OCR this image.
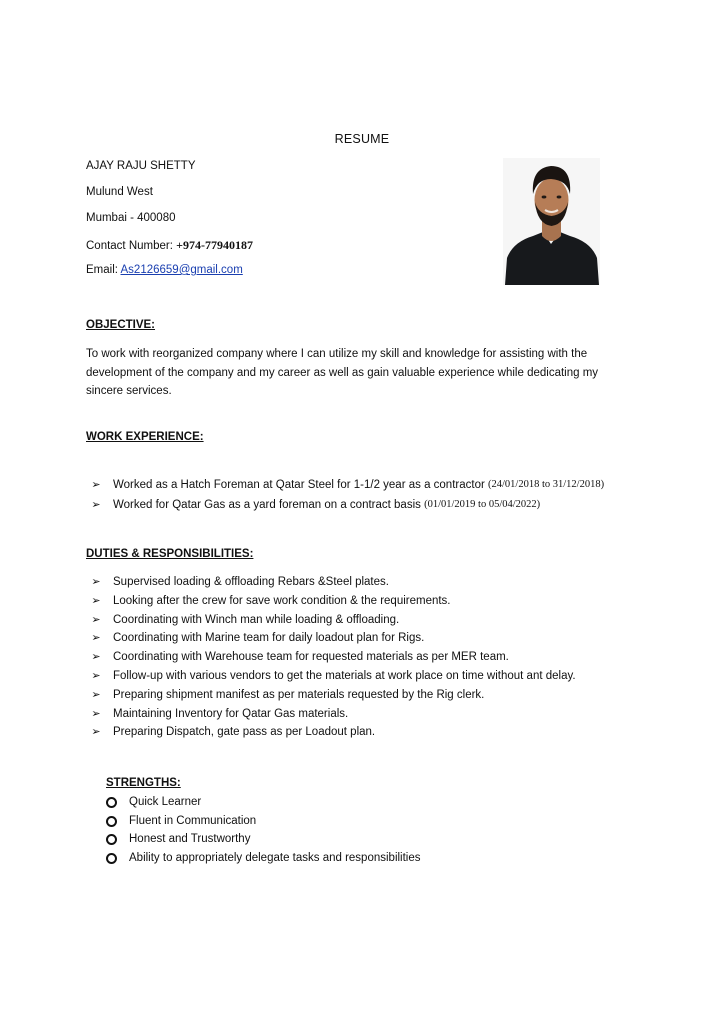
RESUME
AJAY RAJU SHETTY
Mulund West
Mumbai - 400080
Contact Number: +974-77940187
Email: As2126659@gmail.com
OBJECTIVE:
To work with reorganized company where I can utilize my skill and knowledge for assisting with the development of the company and my career as well as gain valuable experience while dedicating my sincere services.
WORK EXPERIENCE:
➢ Worked as a Hatch Foreman at Qatar Steel for 1-1/2 year as a contractor
(24/01/2018 to 31/12/2018)
➢ Worked for Qatar Gas as a yard foreman on a contract basis
(01/01/2019 to 05/04/2022)
DUTIES & RESPONSIBILITIES:
➢ Supervised loading & offloading Rebars &Steel plates.
➢ Looking after the crew for save work condition & the requirements.
➢ Coordinating with Winch man while loading & offloading.
➢ Coordinating with Marine team for daily loadout plan for Rigs.
➢ Coordinating with Warehouse team for requested materials as per MER team.
➢ Follow-up with various vendors to get the materials at work place on time without ant delay.
➢ Preparing shipment manifest as per materials requested by the Rig clerk.
➢ Maintaining Inventory for Qatar Gas materials.
➢ Preparing Dispatch, gate pass as per Loadout plan.
STRENGTHS:
Quick Learner
Fluent in Communication
Honest and Trustworthy
Ability to appropriately delegate tasks and responsibilities
